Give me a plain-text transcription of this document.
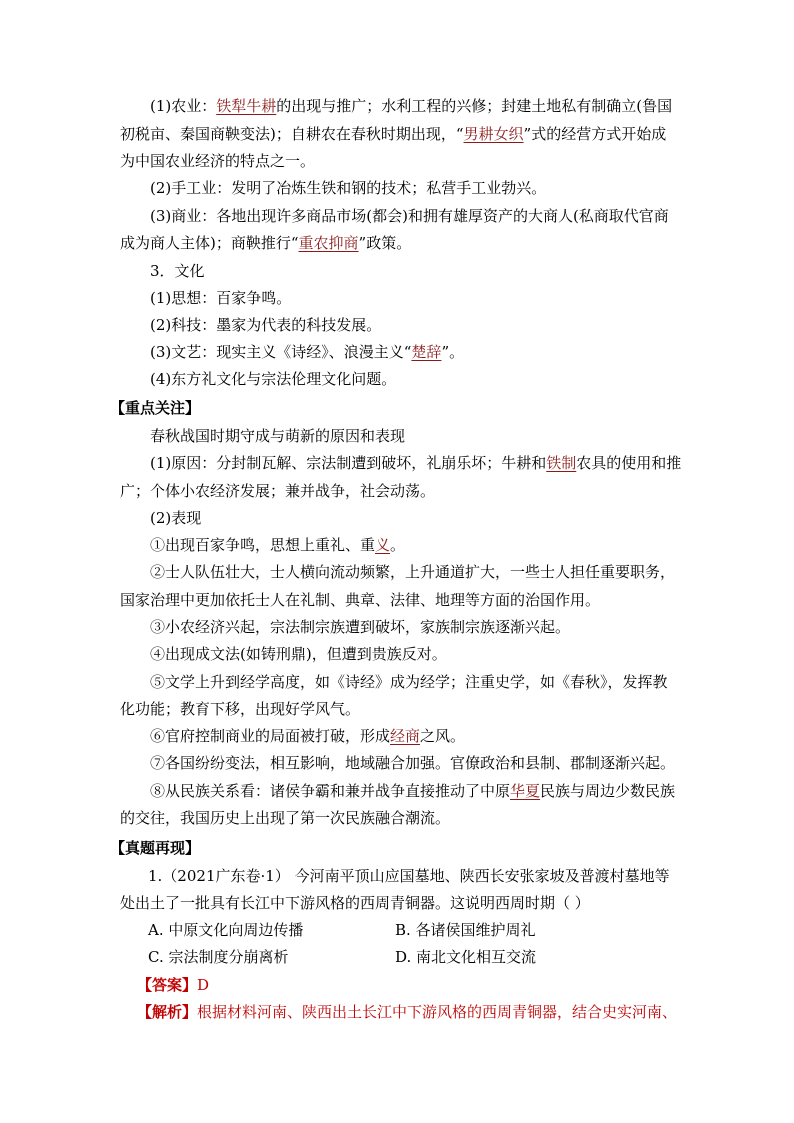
(1)农业：铁犁牛耕的出现与推广；水利工程的兴修；封建土地私有制确立(鲁国
初税亩、秦国商鞅变法)；自耕农在春秋时期出现，“男耕女织”式的经营方式开始成
为中国农业经济的特点之一。
(2)手工业：发明了冶炼生铁和钢的技术；私营手工业勃兴。
(3)商业：各地出现许多商品市场(都会)和拥有雄厚资产的大商人(私商取代官商
成为商人主体)；商鞅推行“重农抑商”政策。
3．文化
(1)思想：百家争鸣。
(2)科技：墨家为代表的科技发展。
(3)文艺：现实主义《诗经》、浪漫主义“楚辞”。
(4)东方礼文化与宗法伦理文化问题。
【重点关注】
春秋战国时期守成与萌新的原因和表现
(1)原因：分封制瓦解、宗法制遭到破坏，礼崩乐坏；牛耕和铁制农具的使用和推
广；个体小农经济发展；兼并战争，社会动荡。
(2)表现
①出现百家争鸣，思想上重礼、重义。
②士人队伍壮大，士人横向流动频繁，上升通道扩大，一些士人担任重要职务，
国家治理中更加依托士人在礼制、典章、法律、地理等方面的治国作用。
③小农经济兴起，宗法制宗族遭到破坏，家族制宗族逐渐兴起。
④出现成文法(如铸刑鼎)，但遭到贵族反对。
⑤文学上升到经学高度，如《诗经》成为经学；注重史学，如《春秋》，发挥教
化功能；教育下移，出现好学风气。
⑥官府控制商业的局面被打破，形成经商之风。
⑦各国纷纷变法，相互影响，地域融合加强。官僚政治和县制、郡制逐渐兴起。
⑧从民族关系看：诸侯争霸和兼并战争直接推动了中原华夏民族与周边少数民族
的交往，我国历史上出现了第一次民族融合潮流。
【真题再现】
1.（2021广东卷·1） 今河南平顶山应国墓地、陕西长安张家坡及普渡村墓地等
处出土了一批具有长江中下游风格的西周青铜器。这说明西周时期（ ）
A. 中原文化向周边传播	B. 各诸侯国维护周礼
C. 宗法制度分崩离析	D. 南北文化相互交流
【答案】D
【解析】根据材料河南、陕西出土长江中下游风格的西周青铜器，结合史实河南、
